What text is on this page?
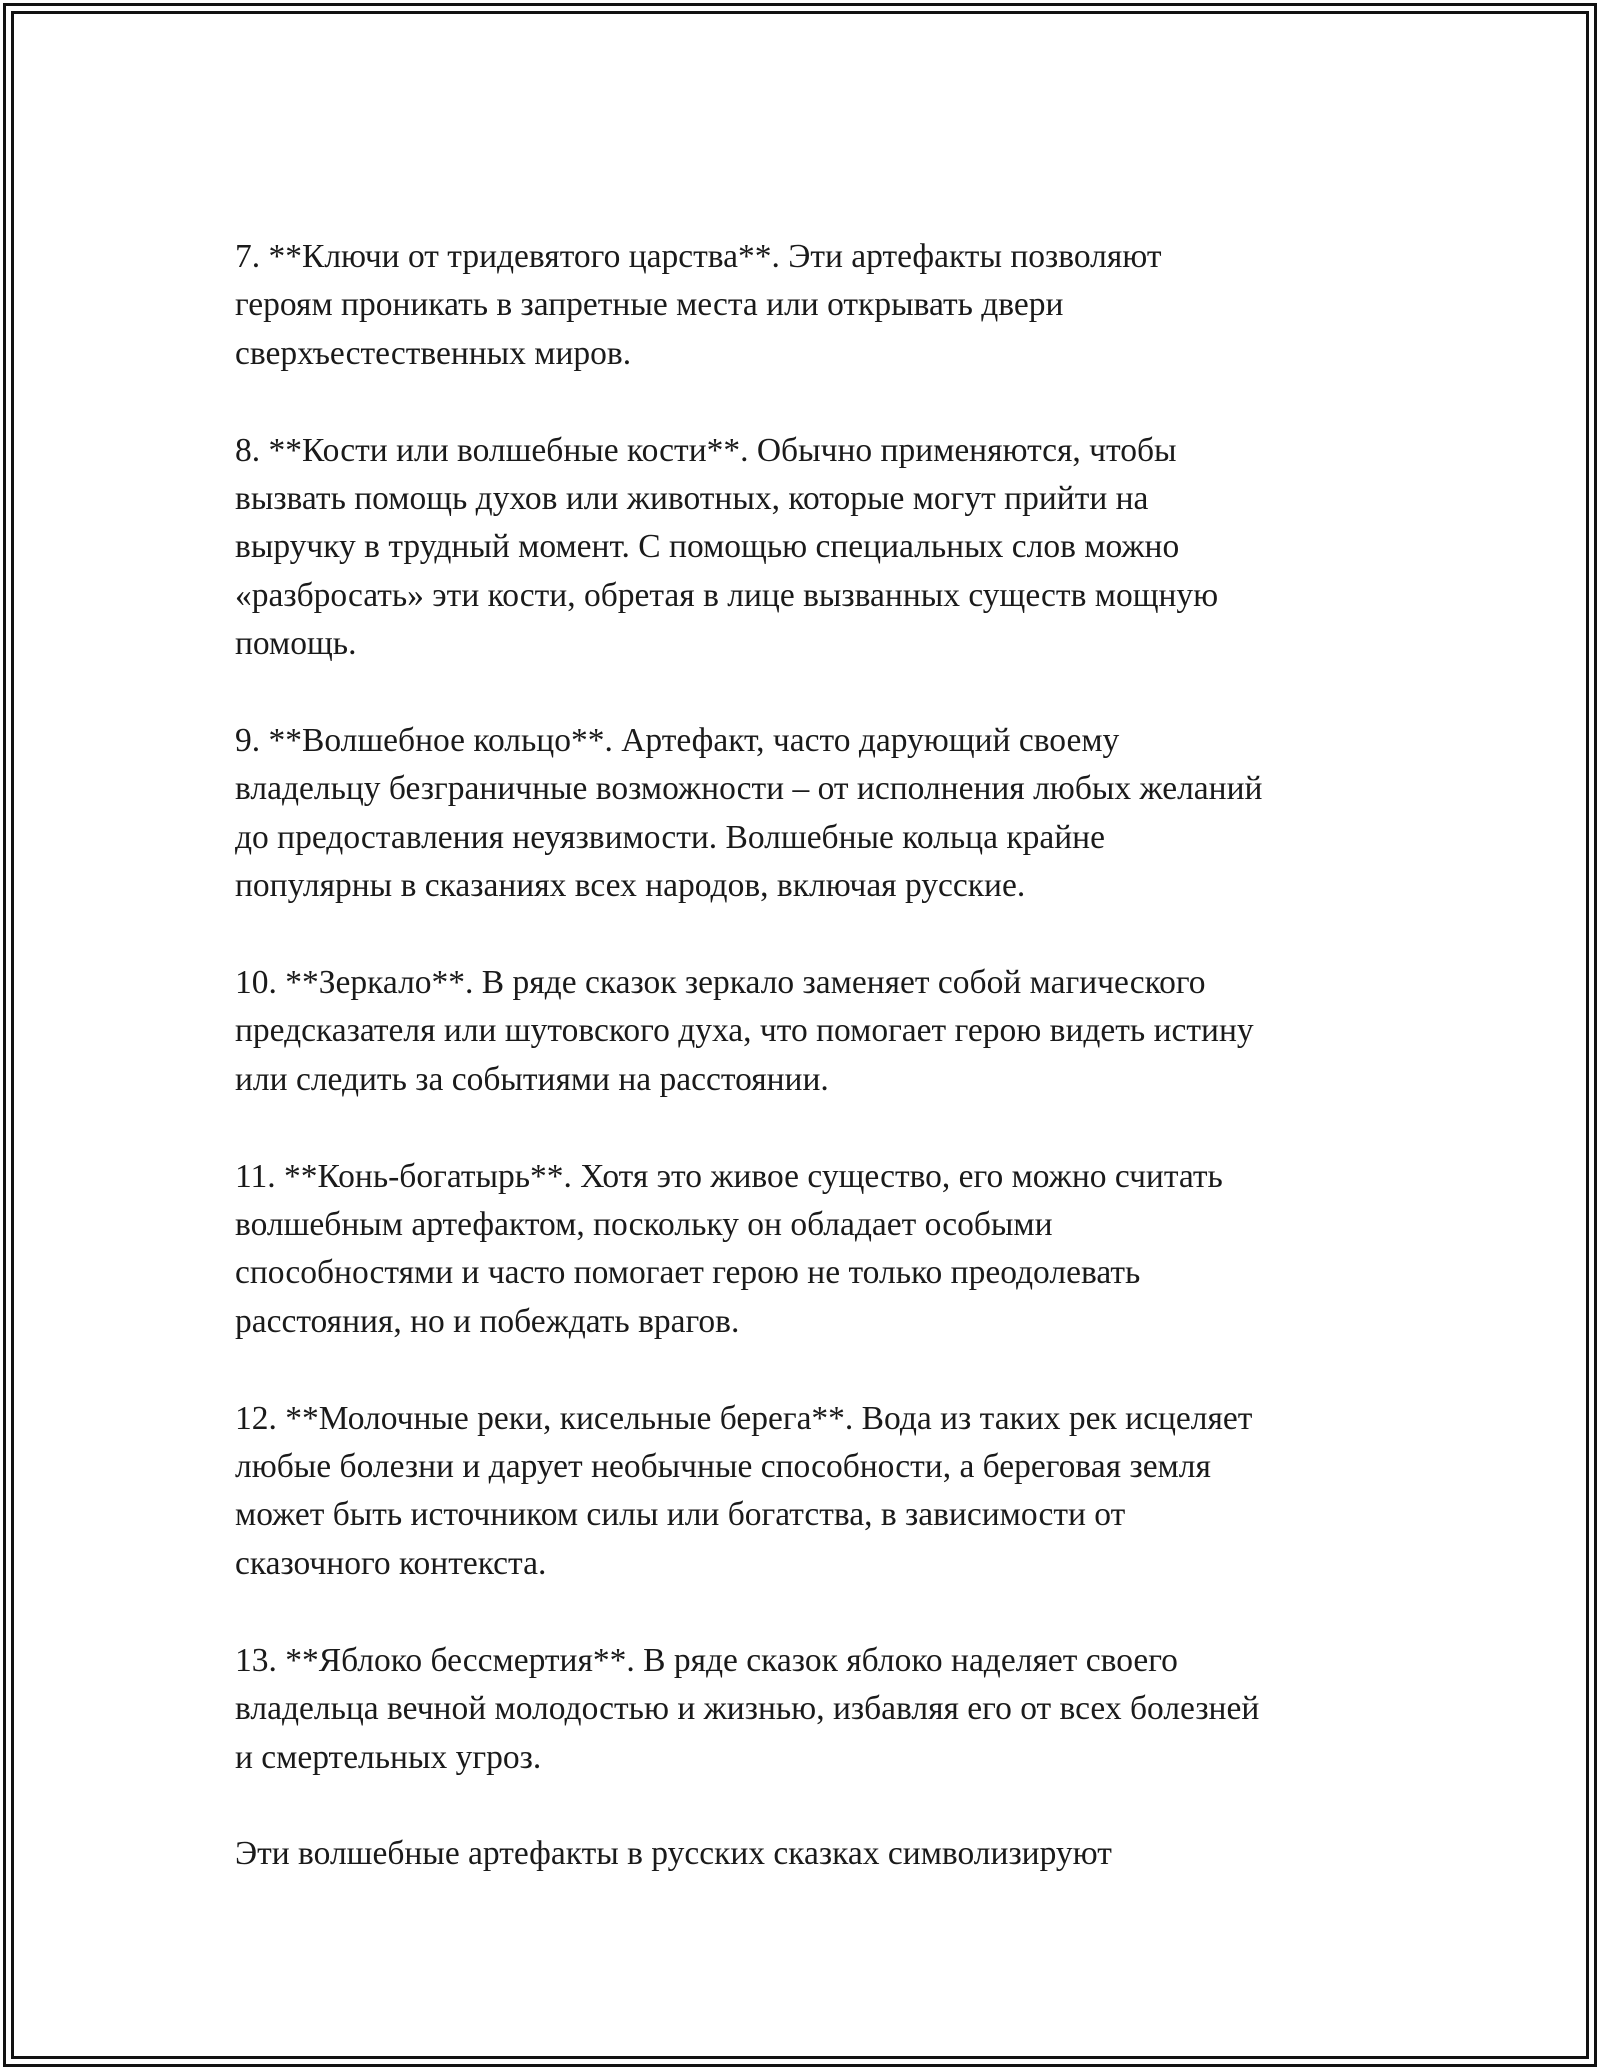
7. **Ключи от тридевятого царства**. Эти артефакты позволяют
героям проникать в запретные места или открывать двери
сверхъестественных миров.

8. **Кости или волшебные кости**. Обычно применяются, чтобы
вызвать помощь духов или животных, которые могут прийти на
выручку в трудный момент. С помощью специальных слов можно
«разбросать» эти кости, обретая в лице вызванных существ мощную
помощь.

9. **Волшебное кольцо**. Артефакт, часто дарующий своему
владельцу безграничные возможности – от исполнения любых желаний
до предоставления неуязвимости. Волшебные кольца крайне
популярны в сказаниях всех народов, включая русские.

10. **Зеркало**. В ряде сказок зеркало заменяет собой магического
предсказателя или шутовского духа, что помогает герою видеть истину
или следить за событиями на расстоянии.

11. **Конь-богатырь**. Хотя это живое существо, его можно считать
волшебным артефактом, поскольку он обладает особыми
способностями и часто помогает герою не только преодолевать
расстояния, но и побеждать врагов.

12. **Молочные реки, кисельные берега**. Вода из таких рек исцеляет
любые болезни и дарует необычные способности, а береговая земля
может быть источником силы или богатства, в зависимости от
сказочного контекста.

13. **Яблоко бессмертия**. В ряде сказок яблоко наделяет своего
владельца вечной молодостью и жизнью, избавляя его от всех болезней
и смертельных угроз.

Эти волшебные артефакты в русских сказках символизируют
